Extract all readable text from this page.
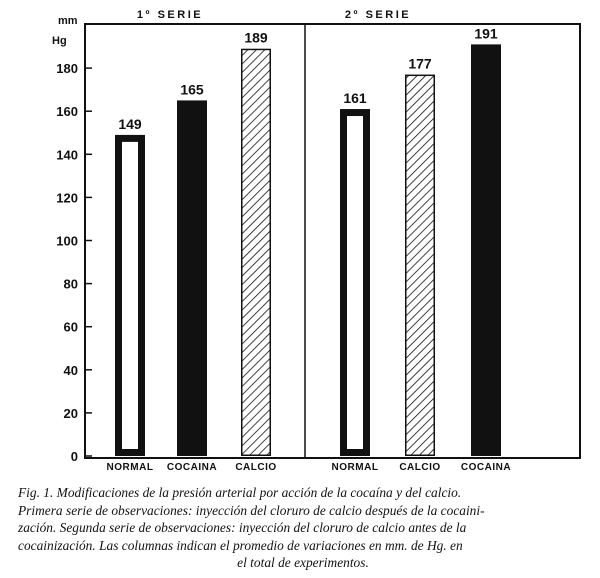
mm
Hg
0
20
40
60
80
100
120
140
160
180
1º SERIE
149
NORMAL
165
COCAINA
189
CALCIO
2º SERIE
161
NORMAL
177
CALCIO
191
COCAINA
Fig. 1. Modificaciones de la presión arterial por acción de la cocaína y del calcio.
Primera serie de observaciones: inyección del cloruro de calcio después de la cocaini-
zación. Segunda serie de observaciones: inyección del cloruro de calcio antes de la
cocainización. Las columnas indican el promedio de variaciones en mm. de Hg. en
el total de experimentos.
